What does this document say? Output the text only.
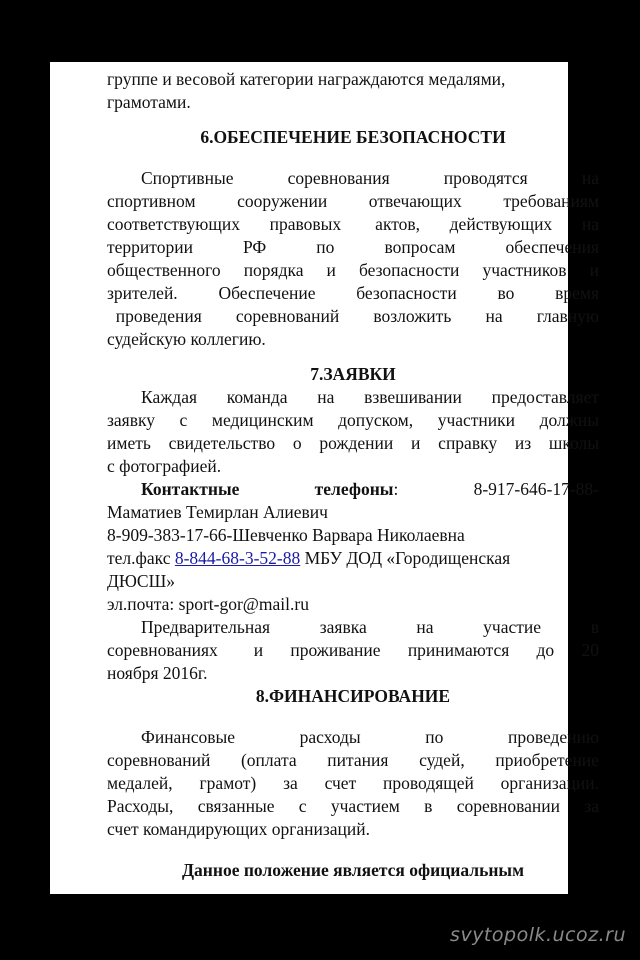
группе и весовой категории награждаются медалями,
грамотами.
6.ОБЕСПЕЧЕНИЕ БЕЗОПАСНОСТИ
Спортивные	соревнования	проводятся	на
спортивном сооружении отвечающих требованиям
соответствующих правовых актов, действующих на
территории	РФ	по	вопросам	обеспечения
общественного порядка и безопасности участников и
зрителей. Обеспечение безопасности во время
проведения соревнований возложить на главную
судейскую коллегию.
7.ЗАЯВКИ
Каждая команда на взвешивании предоставляет
заявку с медицинским допуском, участники должны
иметь свидетельство о рождении и справку из школы
с фотографией.
Контактные	телефоны:	8-917-646-17-88-
Маматиев Темирлан Алиевич
8-909-383-17-66-Шевченко Варвара Николаевна
тел.факс 8-844-68-3-52-88 МБУ ДОД «Городищенская
ДЮСШ»
эл.почта: sport-gor@mail.ru
Предварительная	заявка	на	участие	в
соревнованиях и проживание принимаются до 20
ноября 2016г.
8.ФИНАНСИРОВАНИЕ
Финансовые	расходы	по	проведению
соревнований (оплата питания судей, приобретение
медалей, грамот) за счет проводящей организации.
Расходы, связанные с участием в соревновании за
счет командирующих организаций.
Данное положение является официальным
svytopolk.ucoz.ru
